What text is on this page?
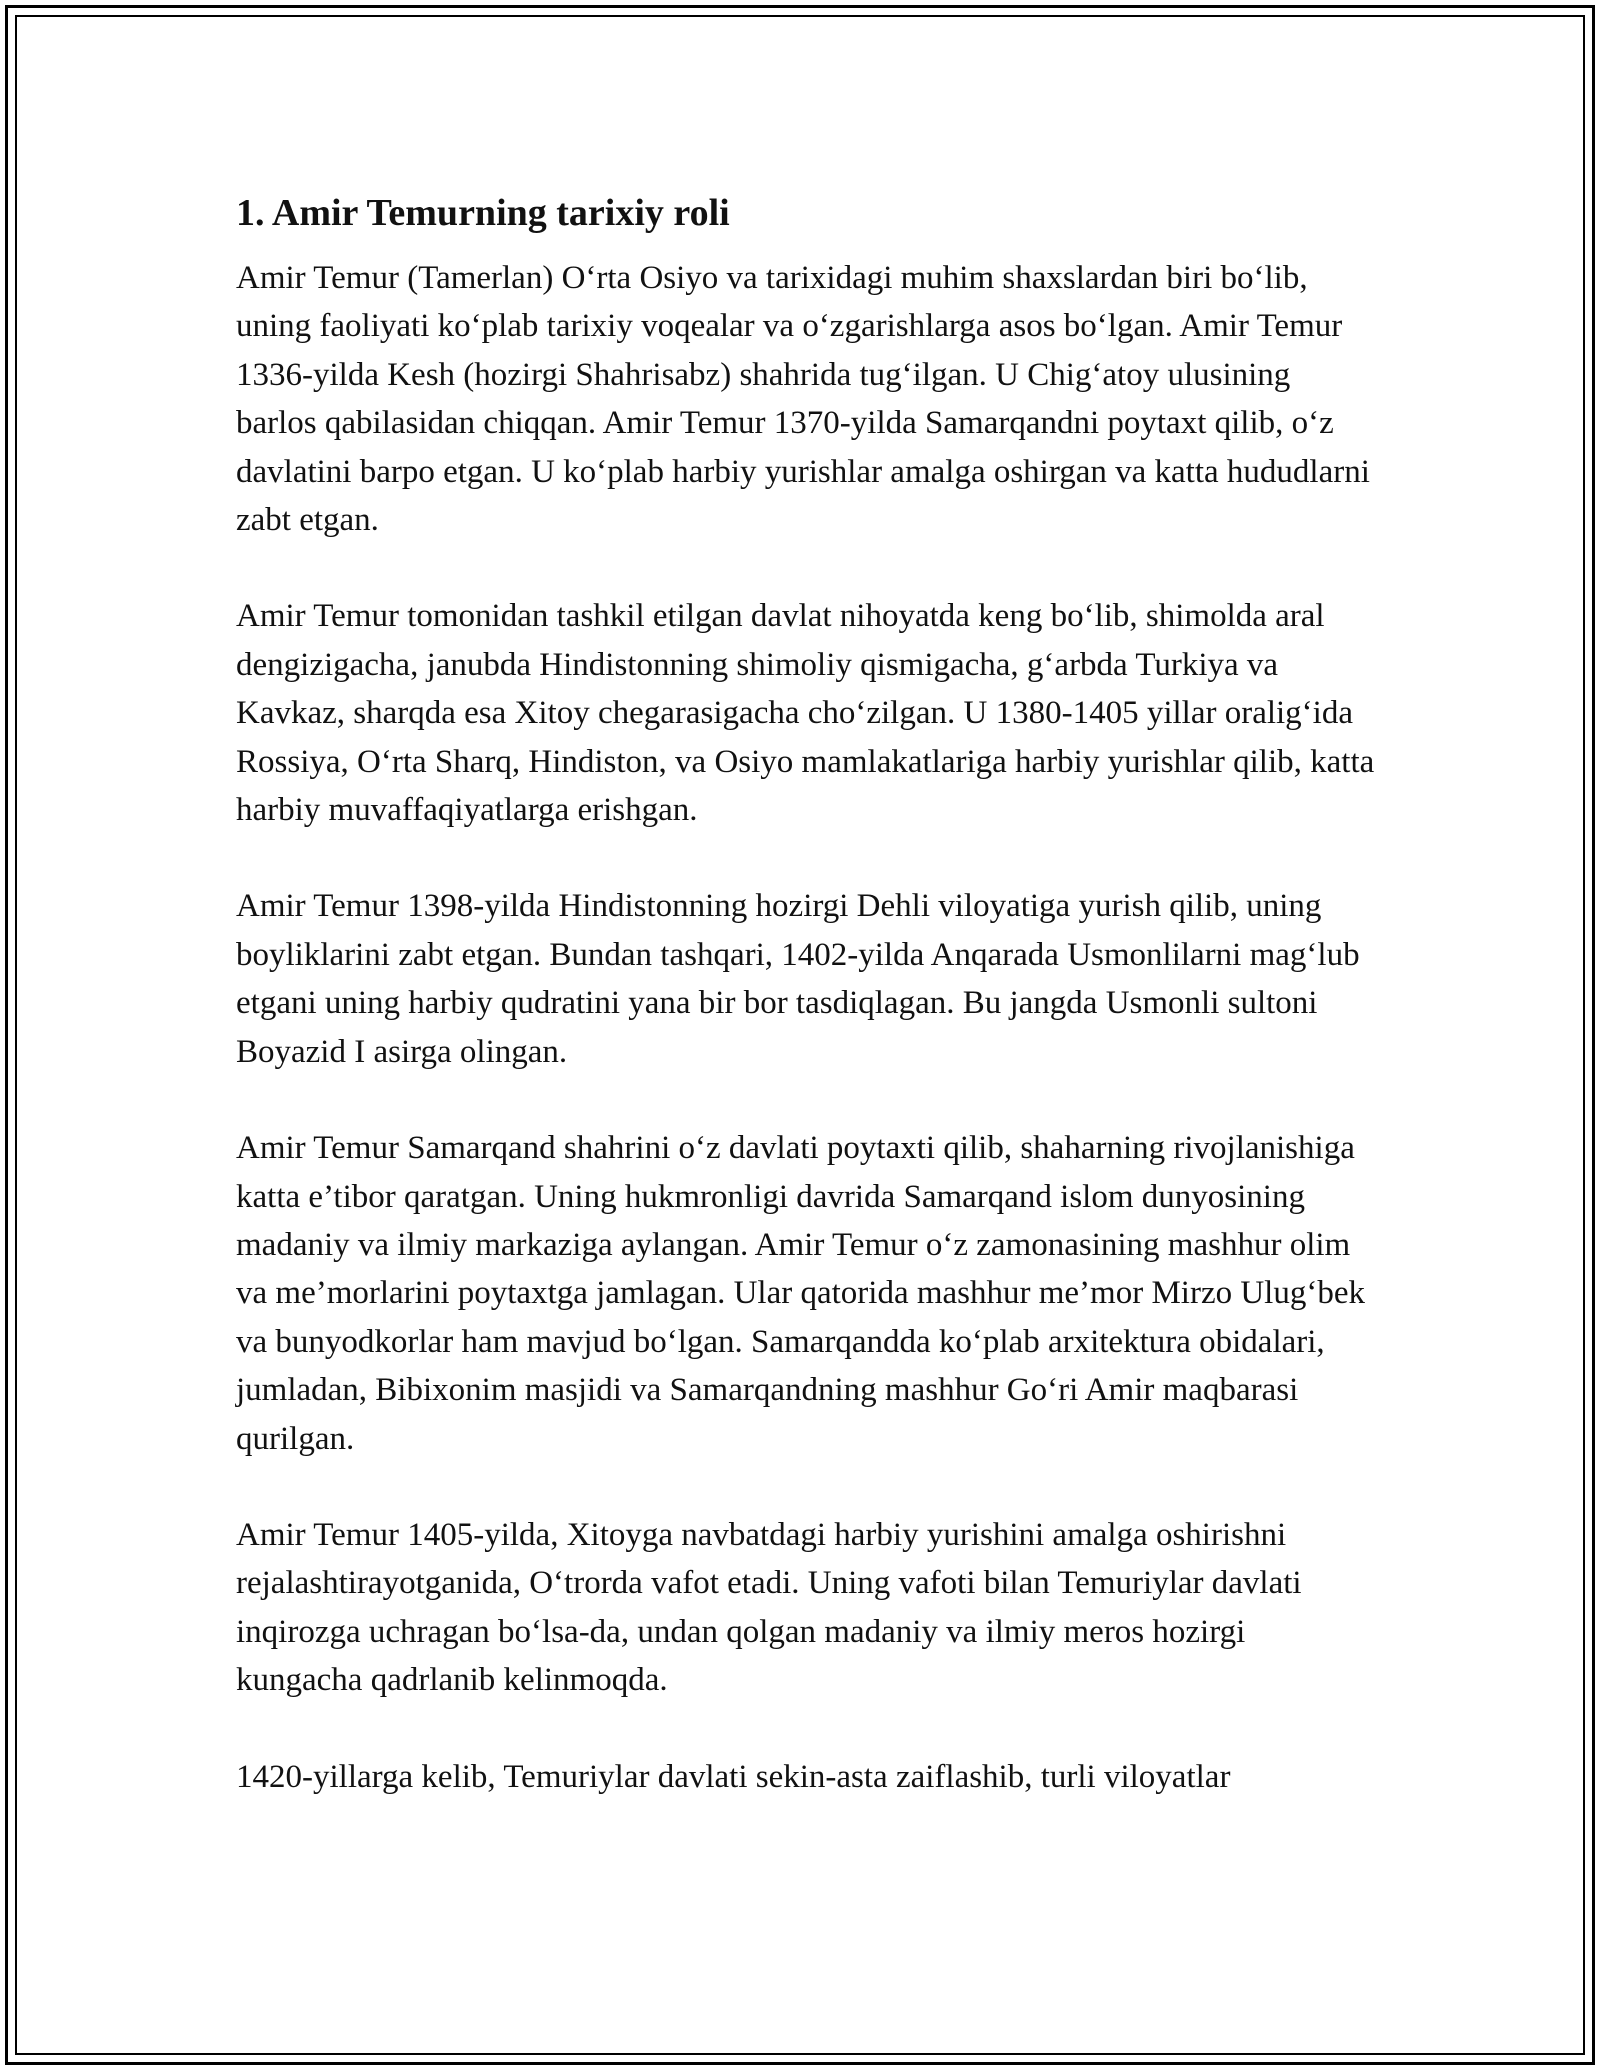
1. Amir Temurning tarixiy roli

Amir Temur (Tamerlan) O‘rta Osiyo va tarixidagi muhim shaxslardan biri bo‘lib, uning faoliyati ko‘plab tarixiy voqealar va o‘zgarishlarga asos bo‘lgan. Amir Temur 1336-yilda Kesh (hozirgi Shahrisabz) shahrida tug‘ilgan. U Chig‘atoy ulusining barlos qabilasidan chiqqan. Amir Temur 1370-yilda Samarqandni poytaxt qilib, o‘z davlatini barpo etgan. U ko‘plab harbiy yurishlar amalga oshirgan va katta hududlarni zabt etgan.

Amir Temur tomonidan tashkil etilgan davlat nihoyatda keng bo‘lib, shimolda aral dengizigacha, janubda Hindistonning shimoliy qismigacha, g‘arbda Turkiya va Kavkaz, sharqda esa Xitoy chegarasigacha cho‘zilgan. U 1380-1405 yillar oralig‘ida Rossiya, O‘rta Sharq, Hindiston, va Osiyo mamlakatlariga harbiy yurishlar qilib, katta harbiy muvaffaqiyatlarga erishgan.

Amir Temur 1398-yilda Hindistonning hozirgi Dehli viloyatiga yurish qilib, uning boyliklarini zabt etgan. Bundan tashqari, 1402-yilda Anqarada Usmonlilarni mag‘lub etgani uning harbiy qudratini yana bir bor tasdiqlagan. Bu jangda Usmonli sultoni Boyazid I asirga olingan.

Amir Temur Samarqand shahrini o‘z davlati poytaxti qilib, shaharning rivojlanishiga katta e’tibor qaratgan. Uning hukmronligi davrida Samarqand islom dunyosining madaniy va ilmiy markaziga aylangan. Amir Temur o‘z zamonasining mashhur olim va me’morlarini poytaxtga jamlagan. Ular qatorida mashhur me’mor Mirzo Ulug‘bek va bunyodkorlar ham mavjud bo‘lgan. Samarqandda ko‘plab arxitektura obidalari, jumladan, Bibixonim masjidi va Samarqandning mashhur Go‘ri Amir maqbarasi qurilgan.

Amir Temur 1405-yilda, Xitoyga navbatdagi harbiy yurishini amalga oshirishni rejalashtirayotganida, O‘trorda vafot etadi. Uning vafoti bilan Temuriylar davlati inqirozga uchragan bo‘lsa-da, undan qolgan madaniy va ilmiy meros hozirgi kungacha qadrlanib kelinmoqda.

1420-yillarga kelib, Temuriylar davlati sekin-asta zaiflashib, turli viloyatlar
